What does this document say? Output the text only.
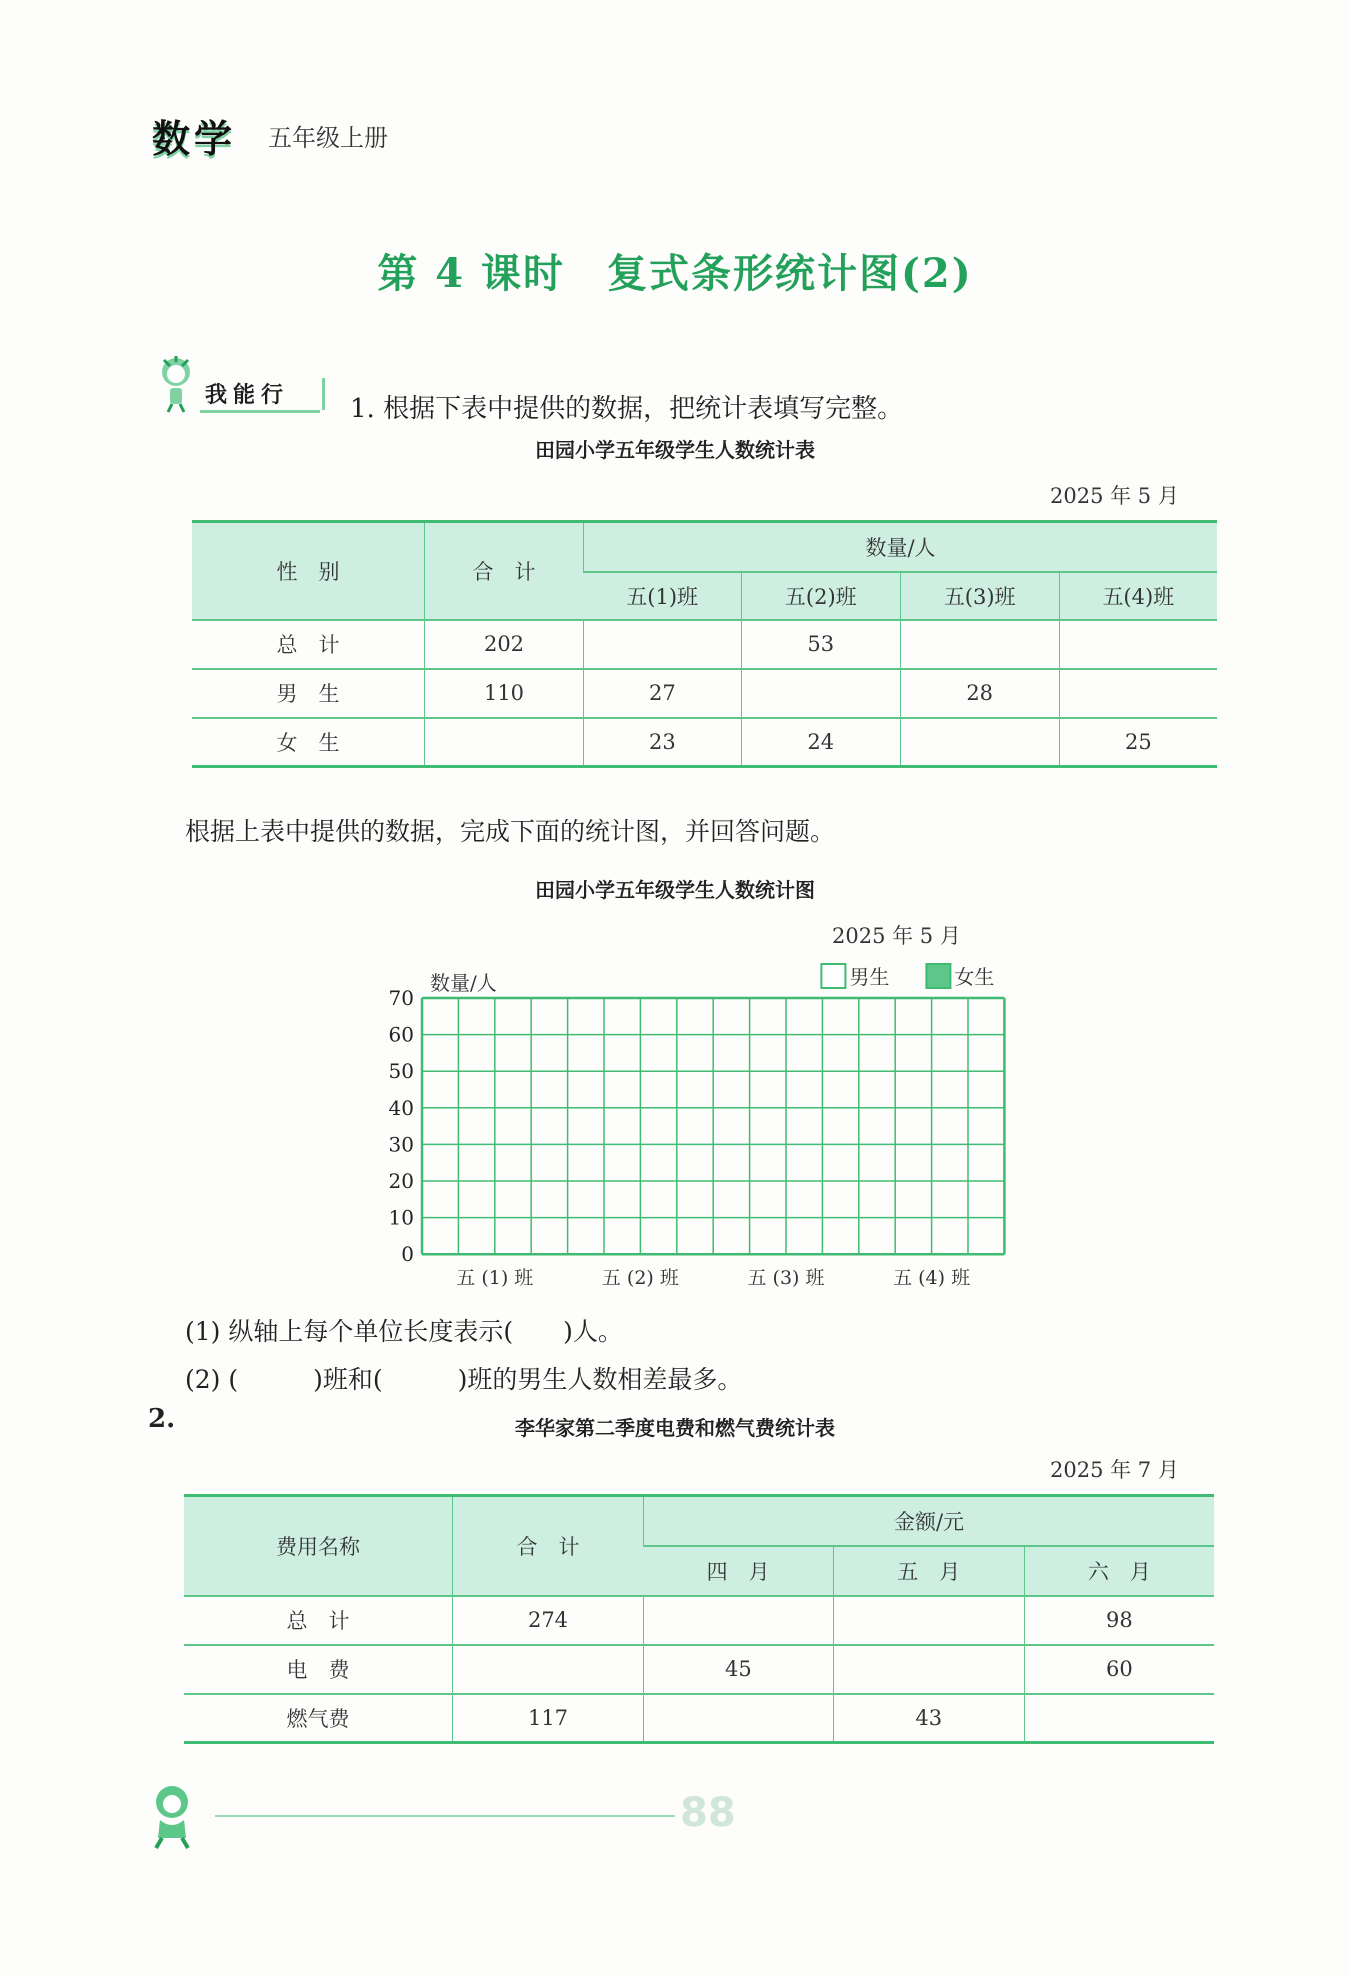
数学 五年级上册
第 4 课时　复式条形统计图(2)
我能行 1. 根据下表中提供的数据，把统计表填写完整。
田园小学五年级学生人数统计表
2025 年 5 月
性　别	合　计	数量/人			
		五(1)班	五(2)班	五(3)班	五(4)班
总　计	202		53		
男　生	110	27		28	
女　生		23	24		25
根据上表中提供的数据，完成下面的统计图，并回答问题。
田园小学五年级学生人数统计图
2025 年 5 月
0
10
20
30
40
50
60
70
数量/人
五 (1) 班	五 (2) 班	五 (3) 班	五 (4) 班
男生	女生
(1) 纵轴上每个单位长度表示(　　)人。
(2) (　　　)班和(　　　)班的男生人数相差最多。
2.	李华家第二季度电费和燃气费统计表
2025 年 7 月
费用名称	合　计	金额/元		
		四　月	五　月	六　月
总　计	274			98
电　费		45		60
燃气费	117		43	
88
